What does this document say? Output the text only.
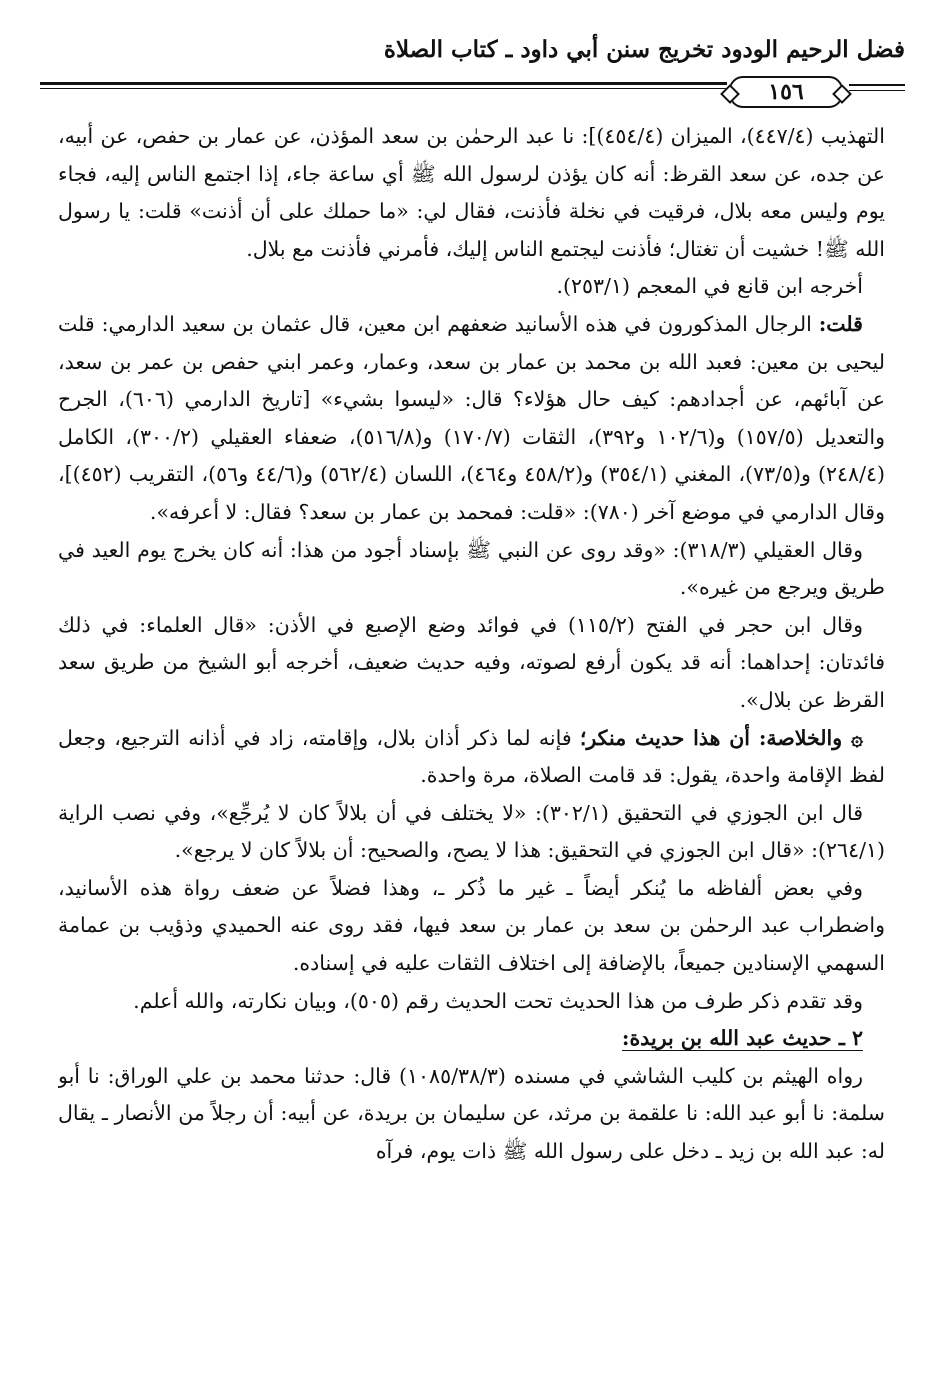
فضل الرحيم الودود تخريج سنن أبي داود ـ كتاب الصلاة
١٥٦

التهذيب (٤٤٧/٤)، الميزان (٤٥٤/٤)]: نا عبد الرحمٰن بن سعد المؤذن، عن عمار بن حفص، عن أبيه، عن جده، عن سعد القرظ: أنه كان يؤذن لرسول الله ﷺ أي ساعة جاء، إذا اجتمع الناس إليه، فجاء يوم وليس معه بلال، فرقيت في نخلة فأذنت، فقال لي: «ما حملك على أن أذنت» قلت: يا رسول الله ﷺ! خشيت أن تغتال؛ فأذنت ليجتمع الناس إليك، فأمرني فأذنت مع بلال.

أخرجه ابن قانع في المعجم (٢٥٣/١).

قلت: الرجال المذكورون في هذه الأسانيد ضعفهم ابن معين، قال عثمان بن سعيد الدارمي: قلت ليحيى بن معين: فعبد الله بن محمد بن عمار بن سعد، وعمار، وعمر ابني حفص بن عمر بن سعد، عن آبائهم، عن أجدادهم: كيف حال هؤلاء؟ قال: «ليسوا بشيء» [تاريخ الدارمي (٦٠٦)، الجرح والتعديل (١٥٧/٥) و(١٠٢/٦ و٣٩٢)، الثقات (١٧٠/٧) و(٥١٦/٨)، ضعفاء العقيلي (٣٠٠/٢)، الكامل (٢٤٨/٤) و(٧٣/٥)، المغني (٣٥٤/١) و(٤٥٨/٢ و٤٦٤)، اللسان (٥٦٢/٤) و(٤٤/٦ و٥٦)، التقريب (٤٥٢)]، وقال الدارمي في موضع آخر (٧٨٠): «قلت: فمحمد بن عمار بن سعد؟ فقال: لا أعرفه».

وقال العقيلي (٣١٨/٣): «وقد روى عن النبي ﷺ بإسناد أجود من هذا: أنه كان يخرج يوم العيد في طريق ويرجع من غيره».

وقال ابن حجر في الفتح (١١٥/٢) في فوائد وضع الإصبع في الأذن: «قال العلماء: في ذلك فائدتان: إحداهما: أنه قد يكون أرفع لصوته، وفيه حديث ضعيف، أخرجه أبو الشيخ من طريق سعد القرظ عن بلال».

۞ والخلاصة: أن هذا حديث منكر؛ فإنه لما ذكر أذان بلال، وإقامته، زاد في أذانه الترجيع، وجعل لفظ الإقامة واحدة، يقول: قد قامت الصلاة، مرة واحدة.

قال ابن الجوزي في التحقيق (٣٠٢/١): «لا يختلف في أن بلالاً كان لا يُرجِّع»، وفي نصب الراية (٢٦٤/١): «قال ابن الجوزي في التحقيق: هذا لا يصح، والصحيح: أن بلالاً كان لا يرجع».

وفي بعض ألفاظه ما يُنكر أيضاً ـ غير ما ذُكر ـ، وهذا فضلاً عن ضعف رواة هذه الأسانيد، واضطراب عبد الرحمٰن بن سعد بن عمار بن سعد فيها، فقد روى عنه الحميدي وذؤيب بن عمامة السهمي الإسنادين جميعاً، بالإضافة إلى اختلاف الثقات عليه في إسناده.

وقد تقدم ذكر طرف من هذا الحديث تحت الحديث رقم (٥٠٥)، وبيان نكارته، والله أعلم.

٢ ـ حديث عبد الله بن بريدة:

رواه الهيثم بن كليب الشاشي في مسنده (١٠٨٥/٣٨/٣) قال: حدثنا محمد بن علي الوراق: نا أبو سلمة: نا أبو عبد الله: نا علقمة بن مرثد، عن سليمان بن بريدة، عن أبيه: أن رجلاً من الأنصار ـ يقال له: عبد الله بن زيد ـ دخل على رسول الله ﷺ ذات يوم، فرآه
